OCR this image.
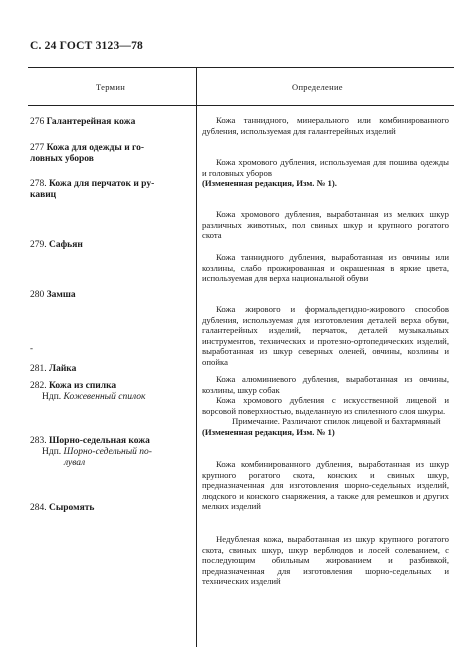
С. 24 ГОСТ 3123—78
Термин	Определение
276 Галантерейная кожа
277 Кожа для одежды и го-
ловных уборов
278. Кожа для перчаток и ру-
кавиц
279. Сафьян
280 Замша
-
281. Лайка
282. Кожа из спилка
Ндп. Кожевенный спилок
283. Шорно-седельная кожа
Ндп. Шорно-седельный по-
лувал
284. Сыромять

Кожа таннидного, минерального или комбинированного дубления, используемая для галантерейных изделий

Кожа хромового дубления, используемая для пошива одежды и головных уборов

(Измененная редакция, Изм. № 1).

Кожа хромового дубления, выработанная из мелких шкур различных животных, пол свиных шкур и крупного рогатого скота

Кожа таннидного дубления, выработанная из овчины или козлины, слабо прожированная и окрашенная в яркие цвета, используемая для верха национальной обуви

Кожа жирового и формальдегидно-жирового способов дубления, используемая для изготовления деталей верха обуви, галантерейных изделий, перчаток, деталей музыкальных инструментов, технических и протезно-ортопедических изделий, выработанная из шкур северных оленей, овчины, козлины и опойка

Кожа алюминиевого дубления, выработанная из овчины, козлины, шкур собак

Кожа хромового дубления с искусственной лицевой и ворсовой поверхностью, выделанную из спиленного слоя шкуры.

Примечание. Различают спилок лицевой и бахтармяный

(Измененная редакция, Изм. № 1)

Кожа комбинированного дубления, выработанная из шкур крупного рогатого скота, конских и свиных шкур, предназначенная для изготовления шорно-седельных изделий, людского и конского снаряжения, а также для ремешков и других мелких изделий

Недубленая кожа, выработанная из шкур крупного рогатого скота, свиных шкур, шкур верблюдов и лосей солеванием, с последующим обильным жированием и разбивкой, предназначенная для изготовления шорно-седельных и технических изделий
